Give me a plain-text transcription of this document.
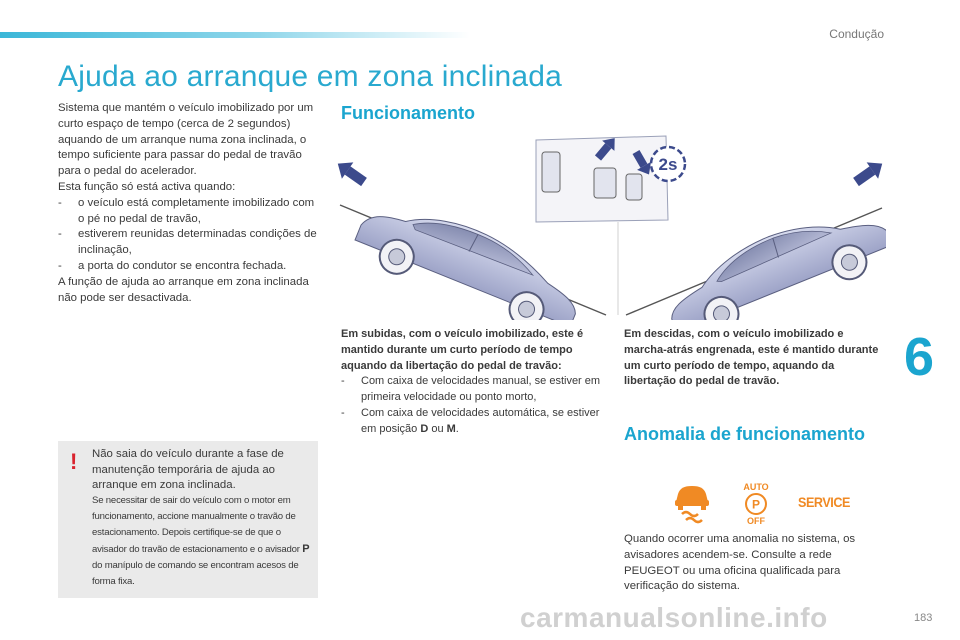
Condução
6
Ajuda ao arranque em zona inclinada

Sistema que mantém o veículo imobilizado por um curto espaço de tempo (cerca de 2 segundos) aquando de um arranque numa zona inclinada, o tempo suficiente para passar do pedal de travão para o pedal do acelerador.

Esta função só está activa quando:

-	o veículo está completamente imobilizado com o pé no pedal de travão,
-	estiverem reunidas determinadas condições de inclinação,
-	a porta do condutor se encontra fechada.

A função de ajuda ao arranque em zona inclinada não pode ser desactivada.

! Não saia do veículo durante a fase de manutenção temporária de ajuda ao arranque em zona inclinada.

Se necessitar de sair do veículo com o motor em funcionamento, accione manualmente o travão de estacionamento. Depois certifique-se de que o avisador do travão de estacionamento e o avisador P do manípulo de comando se encontram acesos de forma fixa.

Funcionamento
2s

Em subidas, com o veículo imobilizado, este é mantido durante um curto período de tempo aquando da libertação do pedal de travão:

-	Com caixa de velocidades manual, se estiver em primeira velocidade ou ponto morto,
-	Com caixa de velocidades automática, se estiver em posição D ou M.

Em descidas, com o veículo imobilizado e marcha-atrás engrenada, este é mantido durante um curto período de tempo, aquando da libertação do pedal de travão.

Anomalia de funcionamento
AUTO
P
OFF
SERVICE

Quando ocorrer uma anomalia no sistema, os avisadores acendem-se. Consulte a rede PEUGEOT ou uma oficina qualificada para verificação do sistema.

carmanualsonline.info	183
